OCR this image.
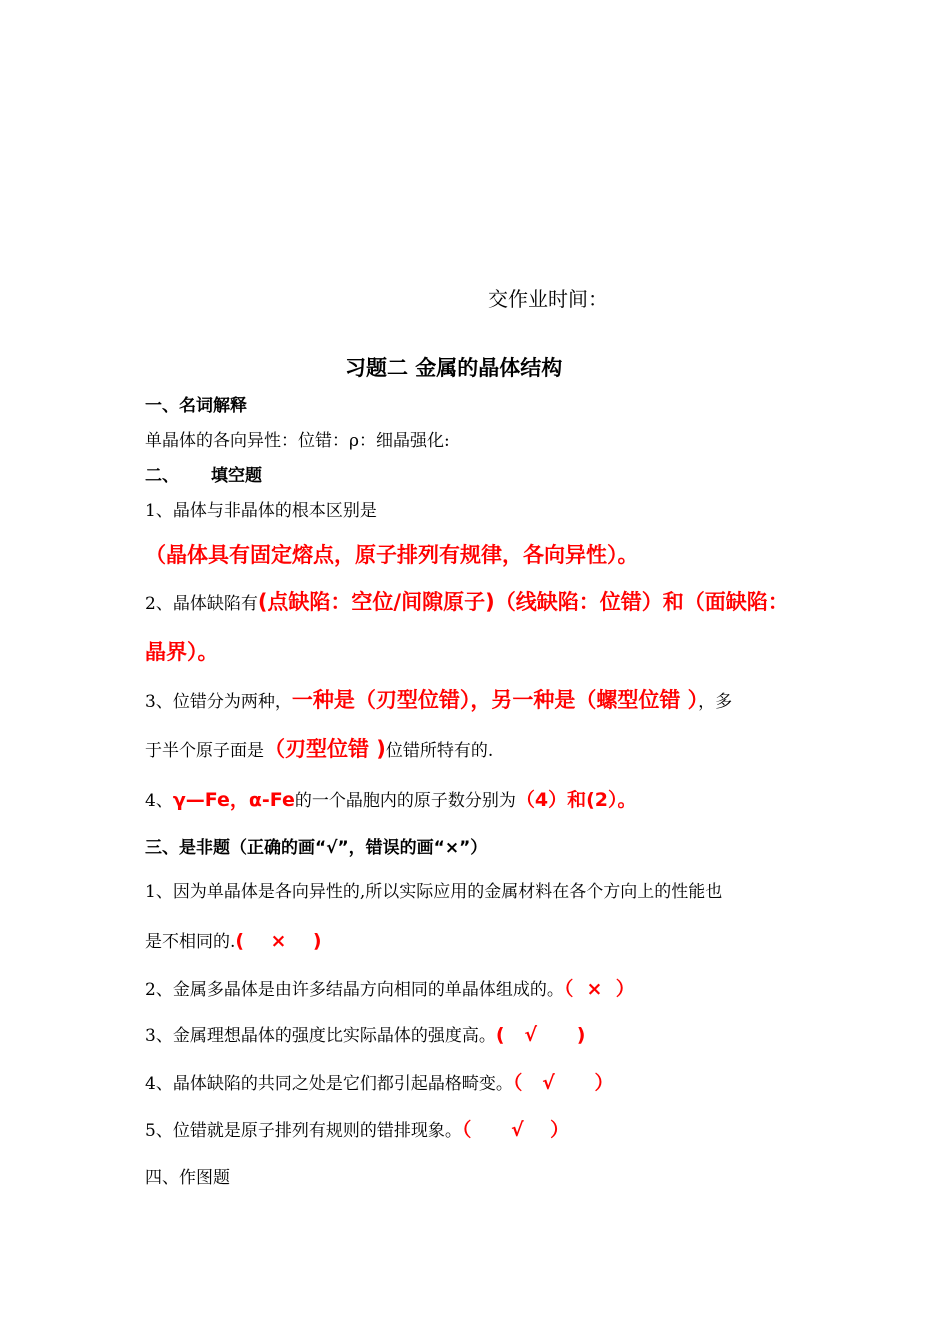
交作业时间：
习题二 金属的晶体结构
一、名词解释
单晶体的各向异性：位错：ρ：细晶强化:
二、 填空题
1、晶体与非晶体的根本区别是
（晶体具有固定熔点，原子排列有规律，各向异性）。
2、晶体缺陷有(点缺陷：空位/间隙原子)（线缺陷：位错）和（面缺陷：
晶界）。
3、位错分为两种，一种是（刃型位错），另一种是（螺型位错 ），多
于半个原子面是（刃型位错 )位错所特有的.
4、γ—Fe，α-Fe的一个晶胞内的原子数分别为（4）和(2）。
三、是非题（正确的画“√”，错误的画“×”）
1、因为单晶体是各向异性的,所以实际应用的金属材料在各个方向上的性能也
是不相同的.(    ×    )
2、金属多晶体是由许多结晶方向相同的单晶体组成的。（  ×  ）
3、金属理想晶体的强度比实际晶体的强度高。(   √      )
4、晶体缺陷的共同之处是它们都引起晶格畸变。（   √      ）
5、位错就是原子排列有规则的错排现象。（      √    ）
四、作图题
